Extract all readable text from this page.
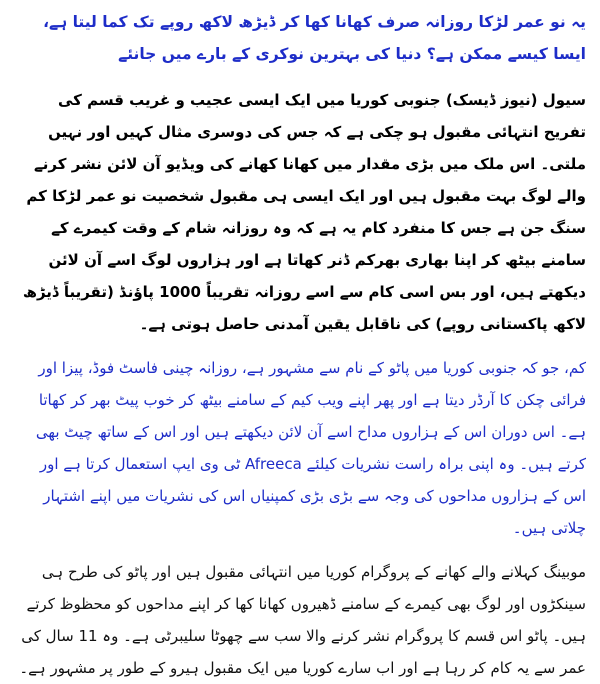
یہ نو عمر لڑکا روزانہ صرف کھانا کھا کر ڈیڑھ لاکھ روپے تک کما لیتا ہے، ایسا کیسے ممکن ہے؟ دنیا کی بہترین نوکری کے بارے میں جانئے

سیول (نیوز ڈیسک) جنوبی کوریا میں ایک ایسی عجیب و غریب قسم کی تفریح انتہائی مقبول ہو چکی ہے کہ جس کی دوسری مثال کہیں اور نہیں ملتی۔ اس ملک میں بڑی مقدار میں کھانا کھانے کی ویڈیو آن لائن نشر کرنے والے لوگ بہت مقبول ہیں اور ایک ایسی ہی مقبول شخصیت نو عمر لڑکا کم سنگ جن ہے جس کا منفرد کام یہ ہے کہ وہ روزانہ شام کے وقت کیمرے کے سامنے بیٹھ کر اپنا بھاری بھرکم ڈنر کھاتا ہے اور ہزاروں لوگ اسے آن لائن دیکھتے ہیں، اور بس اسی کام سے اسے روزانہ تقریباً 1000 پاؤنڈ (تقریباً ڈیڑھ لاکھ پاکستانی روپے) کی ناقابل یقین آمدنی حاصل ہوتی ہے۔

کم، جو کہ جنوبی کوریا میں پاٹو کے نام سے مشہور ہے، روزانہ چینی فاسٹ فوڈ، پیزا اور فرائی چکن کا آرڈر دیتا ہے اور پھر اپنے ویب کیم کے سامنے بیٹھ کر خوب پیٹ بھر کر کھاتا ہے۔ اس دوران اس کے ہزاروں مداح اسے آن لائن دیکھتے ہیں اور اس کے ساتھ چیٹ بھی کرتے ہیں۔ وہ اپنی براہ راست نشریات کیلئے Afreeca ٹی وی ایپ استعمال کرتا ہے اور اس کے ہزاروں مداحوں کی وجہ سے بڑی بڑی کمپنیاں اس کی نشریات میں اپنے اشتہار چلاتی ہیں۔

موبینگ کہلانے والے کھانے کے پروگرام کوریا میں انتہائی مقبول ہیں اور پاٹو کی طرح ہی سینکڑوں اور لوگ بھی کیمرے کے سامنے ڈھیروں کھانا کھا کر اپنے مداحوں کو محظوظ کرتے ہیں۔ پاٹو اس قسم کا پروگرام نشر کرنے والا سب سے چھوٹا سلیبرٹی ہے۔ وہ 11 سال کی عمر سے یہ کام کر رہا ہے اور اب سارے کوریا میں ایک مقبول ہیرو کے طور پر مشہور ہے۔
